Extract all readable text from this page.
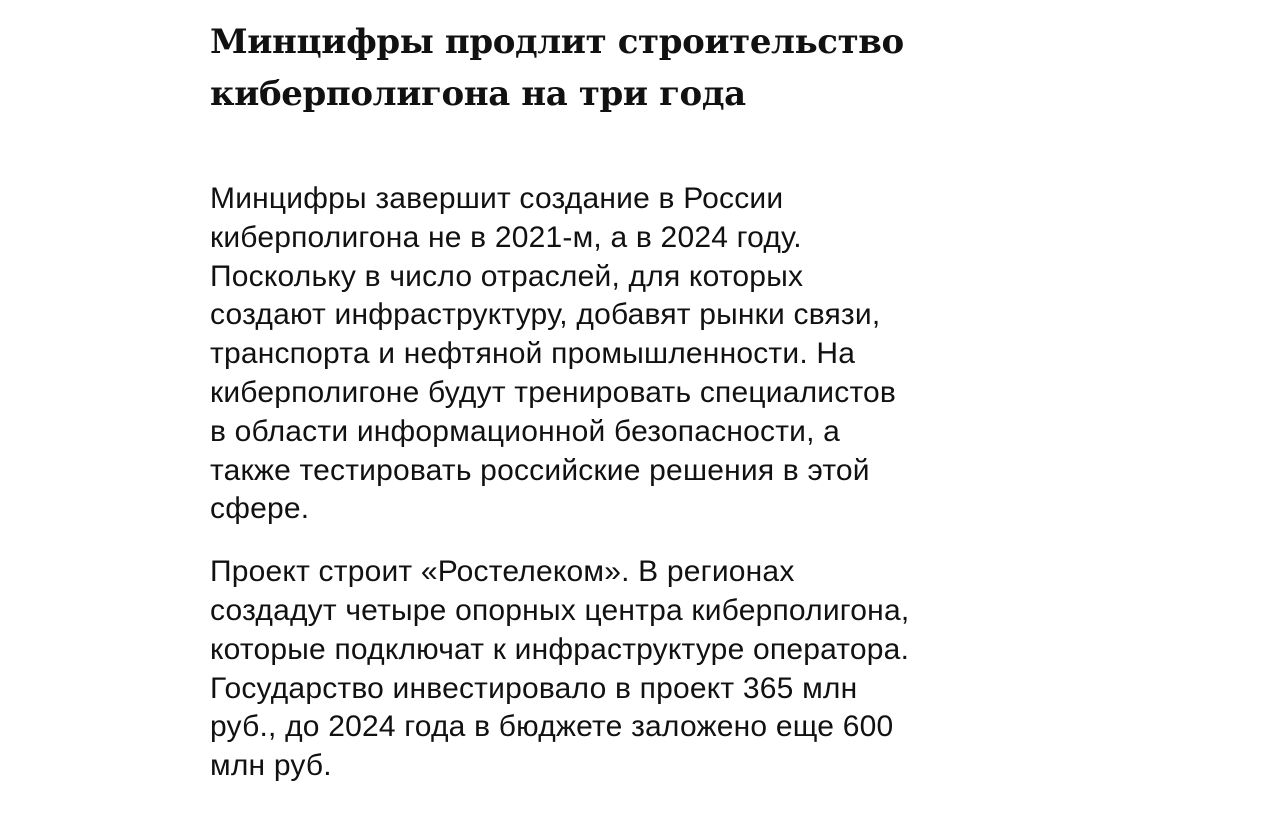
Минцифры продлит строительство
киберполигона на три года

Минцифры завершит создание в России
киберполигона не в 2021-м, а в 2024 году.
Поскольку в число отраслей, для которых
создают инфраструктуру, добавят рынки связи,
транспорта и нефтяной промышленности. На
киберполигоне будут тренировать специалистов
в области информационной безопасности, а
также тестировать российские решения в этой
сфере.

Проект строит «Ростелеком». В регионах
создадут четыре опорных центра киберполигона,
которые подключат к инфраструктуре оператора.
Государство инвестировало в проект 365 млн
руб., до 2024 года в бюджете заложено еще 600
млн руб.
